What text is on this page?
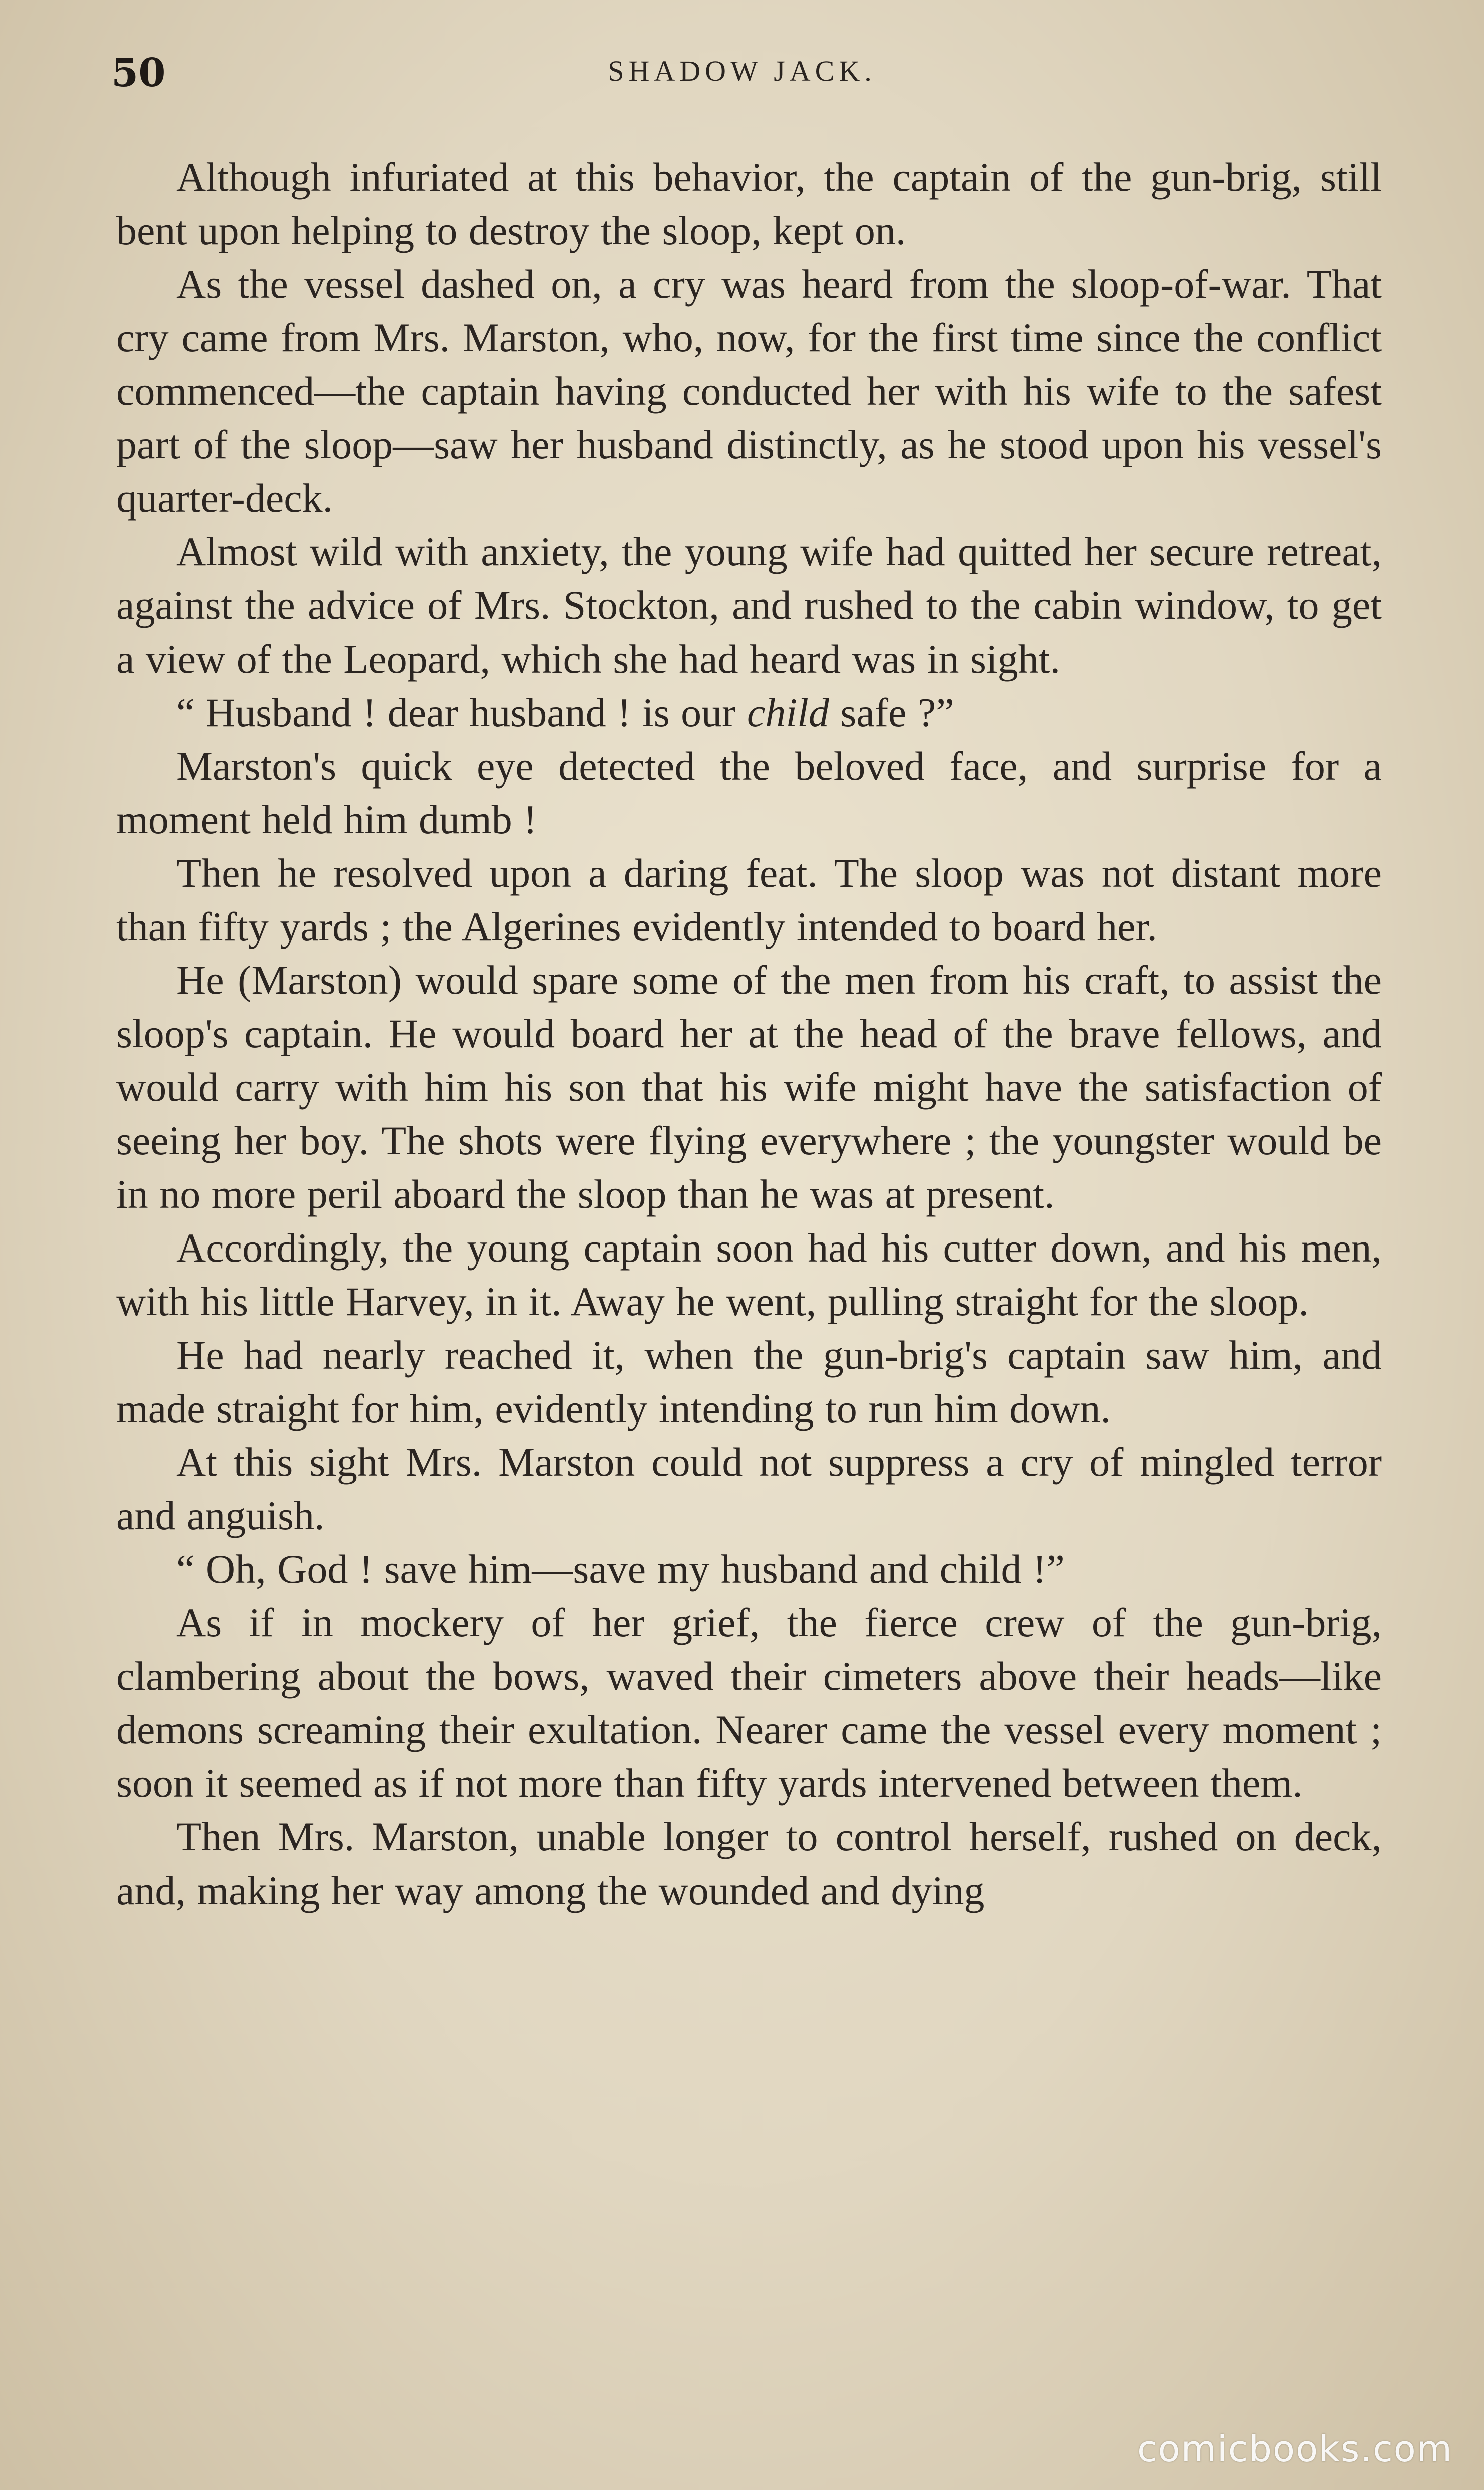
50	SHADOW JACK.

Although infuriated at this behavior, the captain of the gun-brig, still bent upon helping to destroy the sloop, kept on.

As the vessel dashed on, a cry was heard from the sloop-of-war. That cry came from Mrs. Marston, who, now, for the first time since the conflict commenced—the captain having conducted her with his wife to the safest part of the sloop—saw her husband distinctly, as he stood upon his vessel's quarter-deck.

Almost wild with anxiety, the young wife had quitted her secure retreat, against the advice of Mrs. Stockton, and rushed to the cabin window, to get a view of the Leopard, which she had heard was in sight.

“ Husband ! dear husband ! is our child safe ?”

Marston's quick eye detected the beloved face, and surprise for a moment held him dumb !

Then he resolved upon a daring feat. The sloop was not distant more than fifty yards ; the Algerines evidently intended to board her.

He (Marston) would spare some of the men from his craft, to assist the sloop's captain. He would board her at the head of the brave fellows, and would carry with him his son that his wife might have the satisfaction of seeing her boy. The shots were flying everywhere ; the youngster would be in no more peril aboard the sloop than he was at present.

Accordingly, the young captain soon had his cutter down, and his men, with his little Harvey, in it. Away he went, pulling straight for the sloop.

He had nearly reached it, when the gun-brig's captain saw him, and made straight for him, evidently intending to run him down.

At this sight Mrs. Marston could not suppress a cry of mingled terror and anguish.

“ Oh, God ! save him—save my husband and child !”

As if in mockery of her grief, the fierce crew of the gun-brig, clambering about the bows, waved their cimeters above their heads—like demons screaming their exultation. Nearer came the vessel every moment ; soon it seemed as if not more than fifty yards intervened between them.

Then Mrs. Marston, unable longer to control herself, rushed on deck, and, making her way among the wounded and dying

comicbooks.com
